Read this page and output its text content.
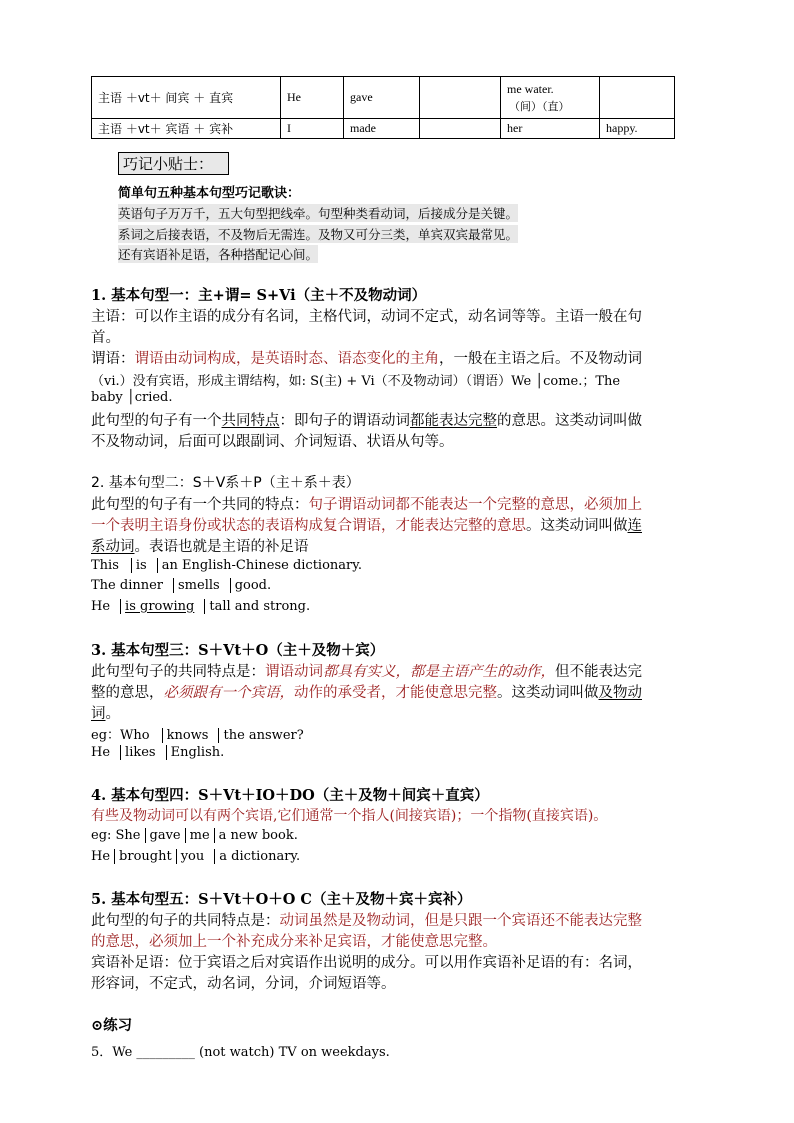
主语 ＋vt＋ 间宾 ＋ 直宾	He	gave		me water.
（间）（直）	

主语 ＋vt＋ 宾语 ＋ 宾补	I	made		her	happy.
巧记小贴士：
简单句五种基本句型巧记歌诀：
英语句子万万千，五大句型把线牵。句型种类看动词，后接成分是关键。
系词之后接表语，不及物后无需连。及物又可分三类，单宾双宾最常见。
还有宾语补足语，各种搭配记心间。
1. 基本句型一：主+谓= S+Vi（主＋不及物动词）
主语：可以作主语的成分有名词，主格代词，动词不定式，动名词等等。主语一般在句
首。
谓语：谓语由动词构成，是英语时态、语态变化的主角，一般在主语之后。不及物动词
（vi.）没有宾语，形成主谓结构，如: S(主) + Vi（不及物动词）（谓语）We │come.；The
baby │cried.
此句型的句子有一个共同特点：即句子的谓语动词都能表达完整的意思。这类动词叫做
不及物动词，后面可以跟副词、介词短语、状语从句等。
2. 基本句型二：S＋V系＋P（主＋系＋表）
此句型的句子有一个共同的特点：句子谓语动词都不能表达一个完整的意思，必须加上
一个表明主语身份或状态的表语构成复合谓语，才能表达完整的意思。这类动词叫做连
系动词。表语也就是主语的补足语
This is an English-Chinese dictionary.
The dinner smells good.
He is growing tall and strong.
3. 基本句型三：S＋Vt＋O（主＋及物＋宾）
此句型句子的共同特点是：谓语动词都具有实义，都是主语产生的动作，但不能表达完
整的意思，必须跟有一个宾语，动作的承受者，才能使意思完整。这类动词叫做及物动
词。
eg：Who knows the answer?
He likes English.
4. 基本句型四：S＋Vt＋IO＋DO（主＋及物＋间宾＋直宾）
有些及物动词可以有两个宾语,它们通常一个指人(间接宾语)；一个指物(直接宾语)。
eg: She gave me a new book.
He brought you a dictionary.
5. 基本句型五：S＋Vt＋O＋O C（主＋及物＋宾＋宾补）
此句型的句子的共同特点是：动词虽然是及物动词，但是只跟一个宾语还不能表达完整
的意思，必须加上一个补充成分来补足宾语，才能使意思完整。
宾语补足语：位于宾语之后对宾语作出说明的成分。可以用作宾语补足语的有：名词，
形容词，不定式，动名词，分词，介词短语等。
⊙练习
5．We _________ (not watch) TV on weekdays.
